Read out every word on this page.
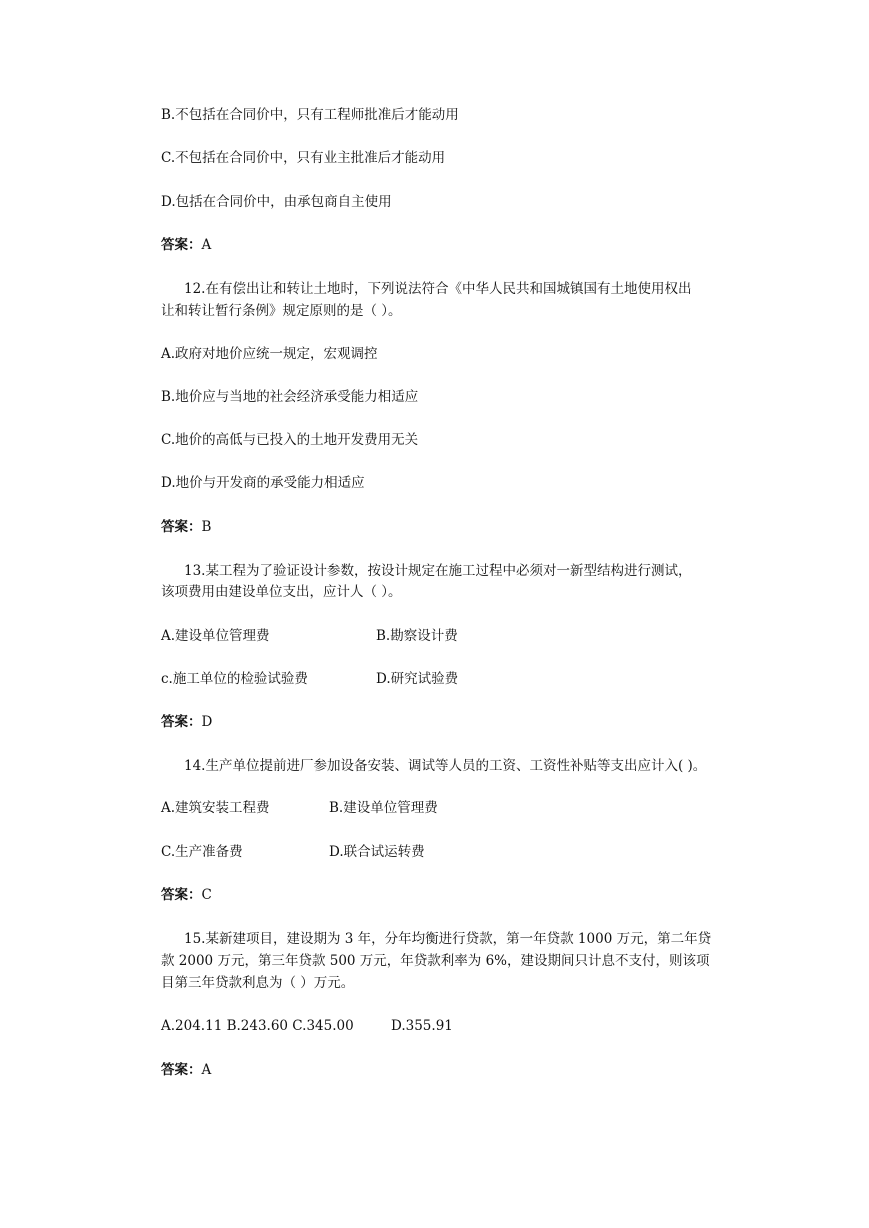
B.不包括在合同价中，只有工程师批准后才能动用
C.不包括在合同价中，只有业主批准后才能动用
D.包括在合同价中，由承包商自主使用
答案：A
12.在有偿出让和转让土地时，下列说法符合《中华人民共和国城镇国有土地使用权出
让和转让暂行条例》规定原则的是（ ）。
A.政府对地价应统一规定，宏观调控
B.地价应与当地的社会经济承受能力相适应
C.地价的高低与已投入的土地开发费用无关
D.地价与开发商的承受能力相适应
答案：B
13.某工程为了验证设计参数，按设计规定在施工过程中必须对一新型结构进行测试，
该项费用由建设单位支出，应计人（ ）。
A.建设单位管理费	B.勘察设计费
c.施工单位的检验试验费	D.研究试验费
答案：D
14.生产单位提前进厂参加设备安装、调试等人员的工资、工资性补贴等支出应计入( )。
A.建筑安装工程费	B.建设单位管理费
C.生产准备费	D.联合试运转费
答案：C
15.某新建项目，建设期为 3 年，分年均衡进行贷款，第一年贷款 1000 万元，第二年贷
款 2000 万元，第三年贷款 500 万元，年贷款利率为 6%，建设期间只计息不支付，则该项
目第三年贷款利息为（ ）万元。
A.204.11 B.243.60 C.345.00	D.355.91
答案：A
